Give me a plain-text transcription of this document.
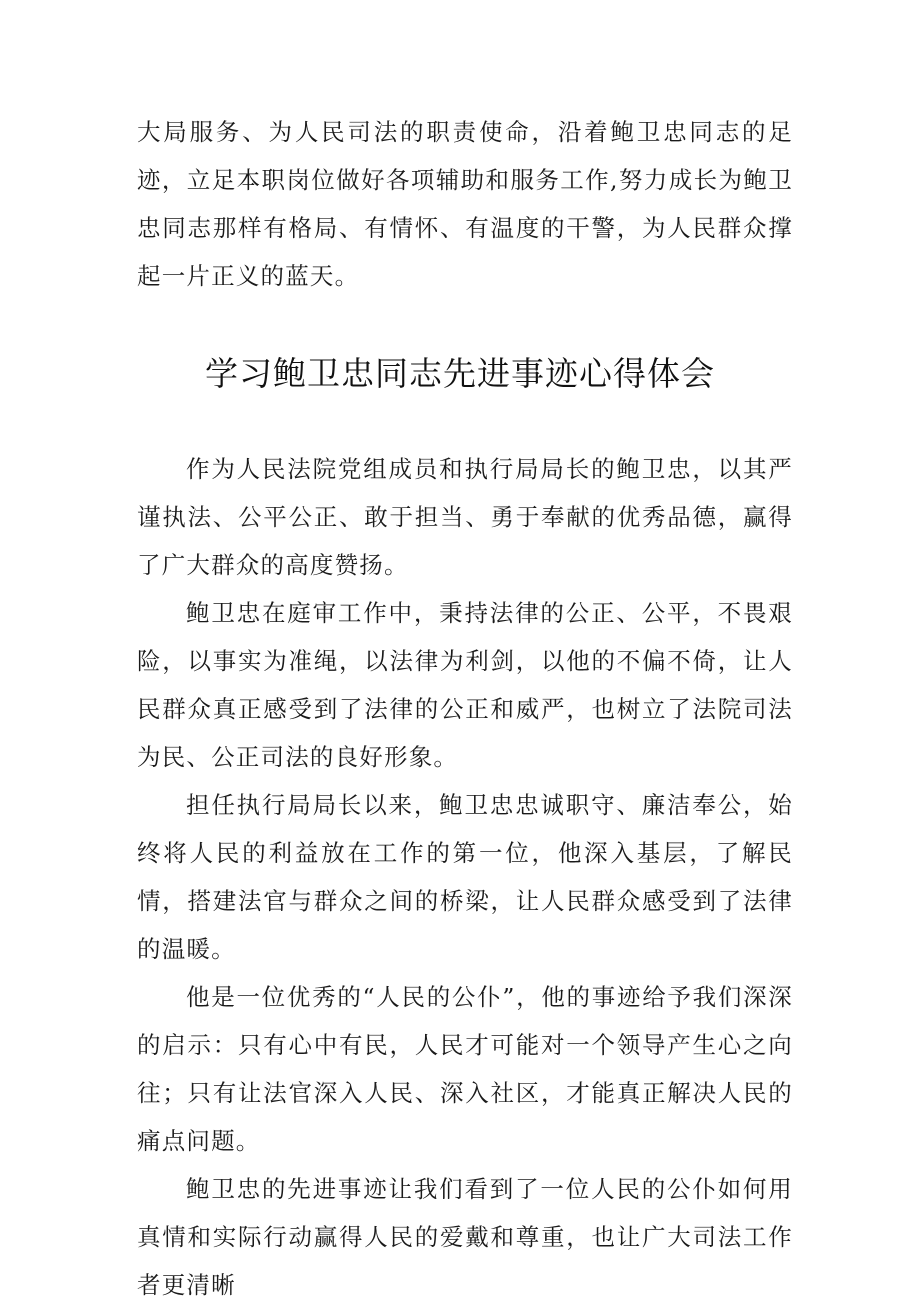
大局服务、为人民司法的职责使命，沿着鲍卫忠同志的足迹，立足本职岗位做好各项辅助和服务工作,努力成长为鲍卫忠同志那样有格局、有情怀、有温度的干警，为人民群众撑起一片正义的蓝天。

学习鲍卫忠同志先进事迹心得体会

作为人民法院党组成员和执行局局长的鲍卫忠，以其严谨执法、公平公正、敢于担当、勇于奉献的优秀品德，赢得了广大群众的高度赞扬。

鲍卫忠在庭审工作中，秉持法律的公正、公平，不畏艰险，以事实为准绳，以法律为利剑，以他的不偏不倚，让人民群众真正感受到了法律的公正和威严，也树立了法院司法为民、公正司法的良好形象。

担任执行局局长以来，鲍卫忠忠诚职守、廉洁奉公，始终将人民的利益放在工作的第一位，他深入基层，了解民情，搭建法官与群众之间的桥梁，让人民群众感受到了法律的温暖。

他是一位优秀的“人民的公仆”，他的事迹给予我们深深的启示：只有心中有民，人民才可能对一个领导产生心之向往；只有让法官深入人民、深入社区，才能真正解决人民的痛点问题。

鲍卫忠的先进事迹让我们看到了一位人民的公仆如何用真情和实际行动赢得人民的爱戴和尊重，也让广大司法工作者更清晰
